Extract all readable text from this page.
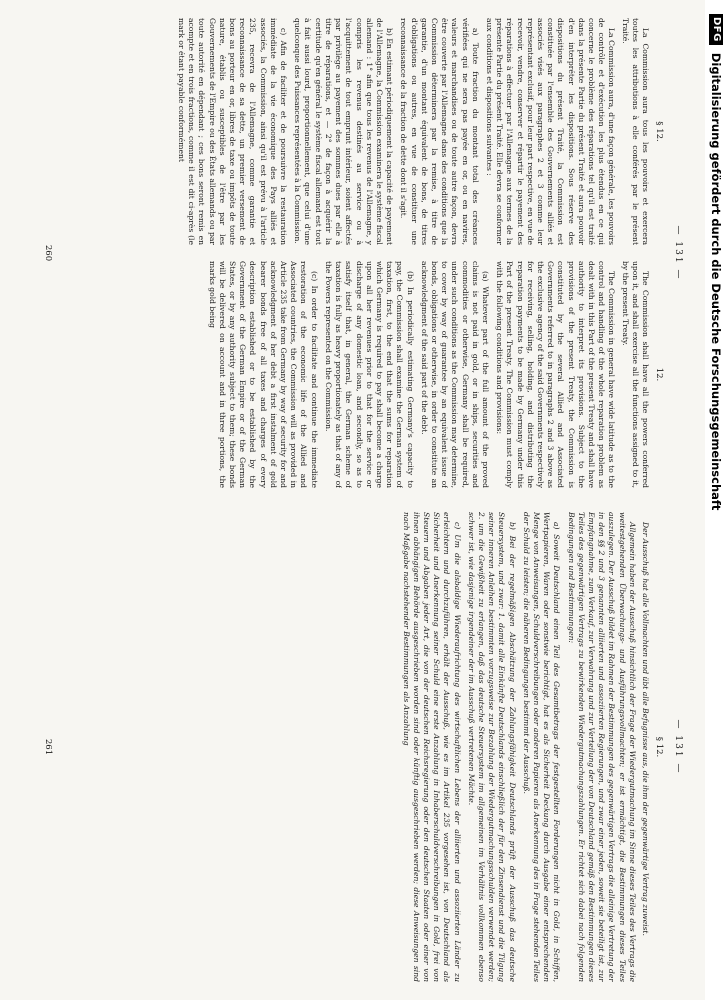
DFG
Digitalisierung gefördert durch die Deutsche Forschungsgemeinschaft
— 131 —
§ 12.

La Commission aura tous les pouvoirs et exercera toutes les attributions à elle conférés par le présent Traité.

La Commission aura, d'une façon générale, les pouvoirs de contrôle et d'exécution les plus étendus en ce qui concerne le problème des réparations tel qu'il est traité dans la présente Partie du présent Traité et aura pouvoir d'en interpréter les dispositions. Sous réserve des dispositions du présent Traité, la Commission est constituée par l'ensemble des Gouvernements alliés et associés visés aux paragraphes 2 et 3 comme leur représentant exclusif, pour leur part respective, en vue de recevoir, vendre, conserver et répartir le payement des réparations à effectuer par l'Allemagne aux termes de la présente Partie du présent Traité. Elle devra se conformer aux conditions et dispositions suivantes :

a) Toute fraction du montant total des créances vérifiées qui ne sera pas payée en or, ou en navires, valeurs et marchandises ou de toute autre façon, devra être couverte par l'Allemagne dans des conditions que la Commission déterminera par la remise, à titre de garantie, d'un montant équivalent de bons, de titres d'obligations ou autres, en vue de constituer une reconnaissance de la fraction de dette dont il s'agit.

b) En estimant périodiquement la capacité de payement de l'Allemagne, la Commission examinera le système fiscal allemand : 1° afin que tous les revenus de l'Allemagne, y compris les revenus destinés au service ou à l'acquittement de tout emprunt intérieur, soient affectés par privilège au payement des sommes dues par elle à titre de réparations, et — 2° de façon à acquérir la certitude qu'en général le système fiscal allemand est tout à fait aussi lourd, proportionnellement, que celui d'une quelconque des Puissances représentées à la Commission.

c) Afin de faciliter et de poursuivre la restauration immédiate de la vie économique des Pays alliés et associés, la Commission, ainsi qu'il est prévu à l'article 235, recevra de l'Allemagne, comme garantie et reconnaissance de sa dette, un premier versement de bons au porteur en or, libres de taxe ou impôts de toute nature, établis ou susceptibles de l'être par les Gouvernements de l'Empire ou des États allemands ou par toute autorité en dépendant ; ces bons seront remis en acompte et en trois fractions, comme il est dit ci-après (le mark or étant payable conformément

12.

The Commission shall have all the powers conferred upon it, and shall exercise all the functions assigned to it, by the present Treaty.

The Commission in general have wide latitude as to the control and handling of the whole reparation problem as dealt with in this Part of the present Treaty and shall have authority to interpret its provisions. Subject to the provisions of the present Treaty, the Commission is constituted by the several Allied and Associated Governments referred to in paragraphs 2 and 3 above as the exclusive agency of the said Governments respectively for receiving, selling, holding, and distributing the reparation payments to be made by Germany under this Part of the present Treaty. The Commission must comply with the following conditions and provisions:

(a) Whatever part of the full amount of the proved claims is not paid in gold, or in ships, securities and commodities or otherwise, Germany shall be required, under such conditions as the Commission may determine, to cover by way of guarantee by an equivalent issue of bonds, obligations or otherwise, in order to constitute an acknowledgment of the said part of the debt.

(b) In periodically estimating Germany's capacity to pay, the Commission shall examine the German system of taxation, first, to the end that the sums for reparation which Germany is required to pay shall become a charge upon all her revenues prior to that for the service or discharge of any domestic loan, and secondly, so as to satisfy itself that, in general, the German scheme of taxation is fully as heavy proportionately as that of any of the Powers represented on the Commission.

(c) In order to facilitate and continue the immediate restoration of the economic life of the Allied and Associated countries, the Commission will as provided in Article 235 take from Germany by way of security for and acknowledgment of her debt a first instalment of gold bearer bonds free of all taxes and charges of every description established or to be established by the Government of the German Empire or of the German States, or by any authority subject to them; these bonds will be delivered on account and in three portions, the marks gold being

260
— 131 —
§ 12.

Der Ausschuß hat alle Vollmachten und übt alle Befugnisse aus, die ihm der gegenwärtige Vertrag zuweist.

Allgemein haben der Ausschuß hinsichtlich der Frage der Wiedergutmachung im Sinne dieses Teiles des Vertrags die weitestgehenden Überwachungs- und Ausführungsvollmachten; er ist ermächtigt, die Bestimmungen dieses Teiles auszulegen. Der Ausschuß bildet im Rahmen der Bestimmungen des gegenwärtigen Vertrags die alleinige Vertretung der in den §§ 2 und 3 genannten alliierten und assoziierten Regierungen, und zwar einer jeden, soweit sie beteiligt ist, zur Empfangnahme, zum Verkauf, zur Verwahrung und zur Verteilung der von Deutschland gemäß den Bestimmungen dieses Teiles des gegenwärtigen Vertrags zu bewirkenden Wiedergutmachungszahlungen. Er richtet sich dabei nach folgenden Bedingungen und Bestimmungen:

a) Soweit Deutschland einen Teil des Gesamtbetrags der festgestellten Forderungen nicht in Gold, in Schiffen, Wertpapieren, Waren oder sonstwie berichtigt, hat es als Sicherheit Deckung durch Ausgabe einer entsprechenden Menge von Anweisungen, Schuldverschreibungen oder anderen Papieren als Anerkennung des in Frage stehenden Teiles der Schuld zu leisten; die näheren Bedingungen bestimmt der Ausschuß.

b) Bei der regelmäßigen Abschätzung der Zahlungsfähigkeit Deutschlands prüft der Ausschuß das deutsche Steuersystem, und zwar: 1. damit alle Einkünfte Deutschlands einschließlich der für den Zinsendienst und die Tilgung seiner inneren Anleihen bestimmten vorzugsweise zur Bezahlung der Wiedergutmachungsschulden verwendet werden; 2. um die Gewißheit zu erlangen, daß das deutsche Steuersystem im allgemeinen im Verhältnis vollkommen ebenso schwer ist, wie dasjenige irgendeiner der im Ausschuß vertretenen Mächte.

c) Um die alsbaldige Wiederaufrichtung des wirtschaftlichen Lebens der alliierten und assoziierten Länder zu erleichtern und durchzuführen, erhält der Ausschuß, wie es im Artikel 235 vorgesehen ist, von Deutschland als Sicherheit und Anerkennung seiner Schuld eine erste Anzahlung in Inhaberschuldverschreibungen in Gold, frei von Steuern und Abgaben jeder Art, die von der deutschen Reichsregierung oder den deutschen Staaten oder einer von ihnen abhängigen Behörde ausgeschrieben worden sind oder künftig ausgeschrieben werden; diese Anweisungen sind nach Maßgabe nachstehender Bestimmungen als Anzahlung

261
